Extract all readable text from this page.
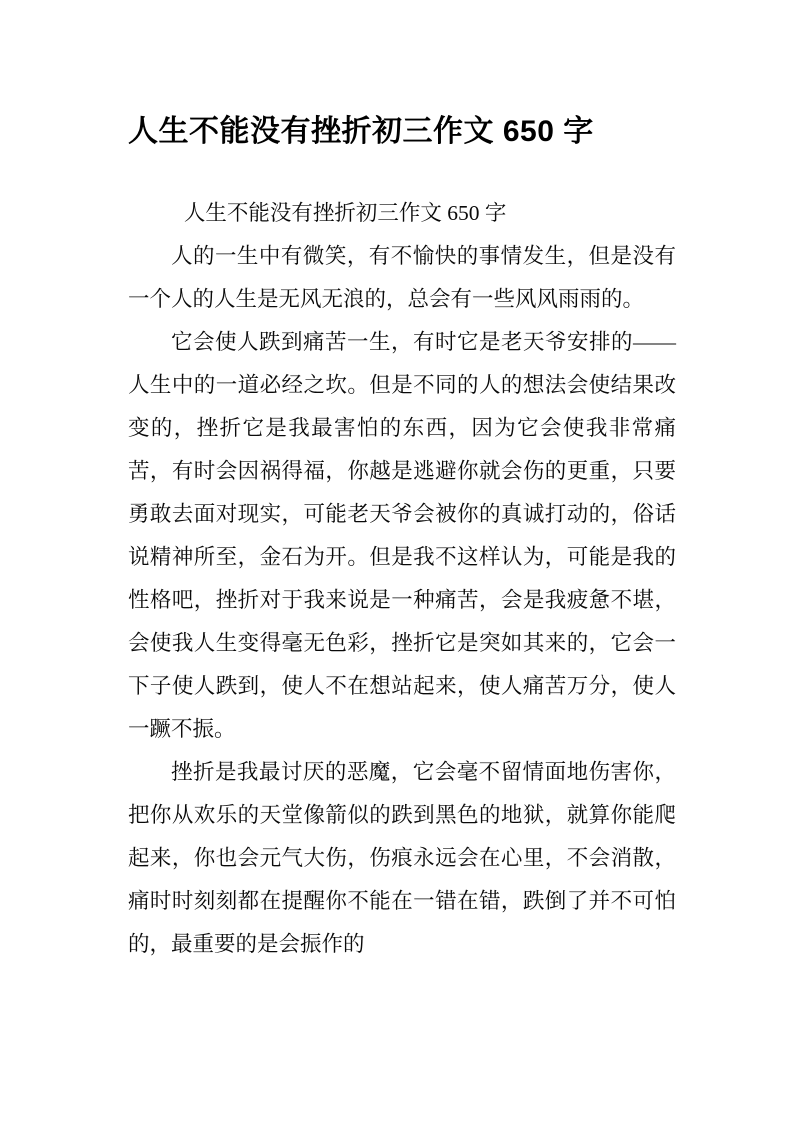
人生不能没有挫折初三作文 650 字

人生不能没有挫折初三作文 650 字

人的一生中有微笑，有不愉快的事情发生，但是没有一个人的人生是无风无浪的，总会有一些风风雨雨的。

它会使人跌到痛苦一生，有时它是老天爷安排的——人生中的一道必经之坎。但是不同的人的想法会使结果改变的，挫折它是我最害怕的东西，因为它会使我非常痛苦，有时会因祸得福，你越是逃避你就会伤的更重，只要勇敢去面对现实，可能老天爷会被你的真诚打动的，俗话说精神所至，金石为开。但是我不这样认为，可能是我的性格吧，挫折对于我来说是一种痛苦，会是我疲惫不堪，会使我人生变得毫无色彩，挫折它是突如其来的，它会一下子使人跌到，使人不在想站起来，使人痛苦万分，使人一蹶不振。

挫折是我最讨厌的恶魔，它会毫不留情面地伤害你，把你从欢乐的天堂像箭似的跌到黑色的地狱，就算你能爬起来，你也会元气大伤，伤痕永远会在心里，不会消散，痛时时刻刻都在提醒你不能在一错在错，跌倒了并不可怕的，最重要的是会振作的
